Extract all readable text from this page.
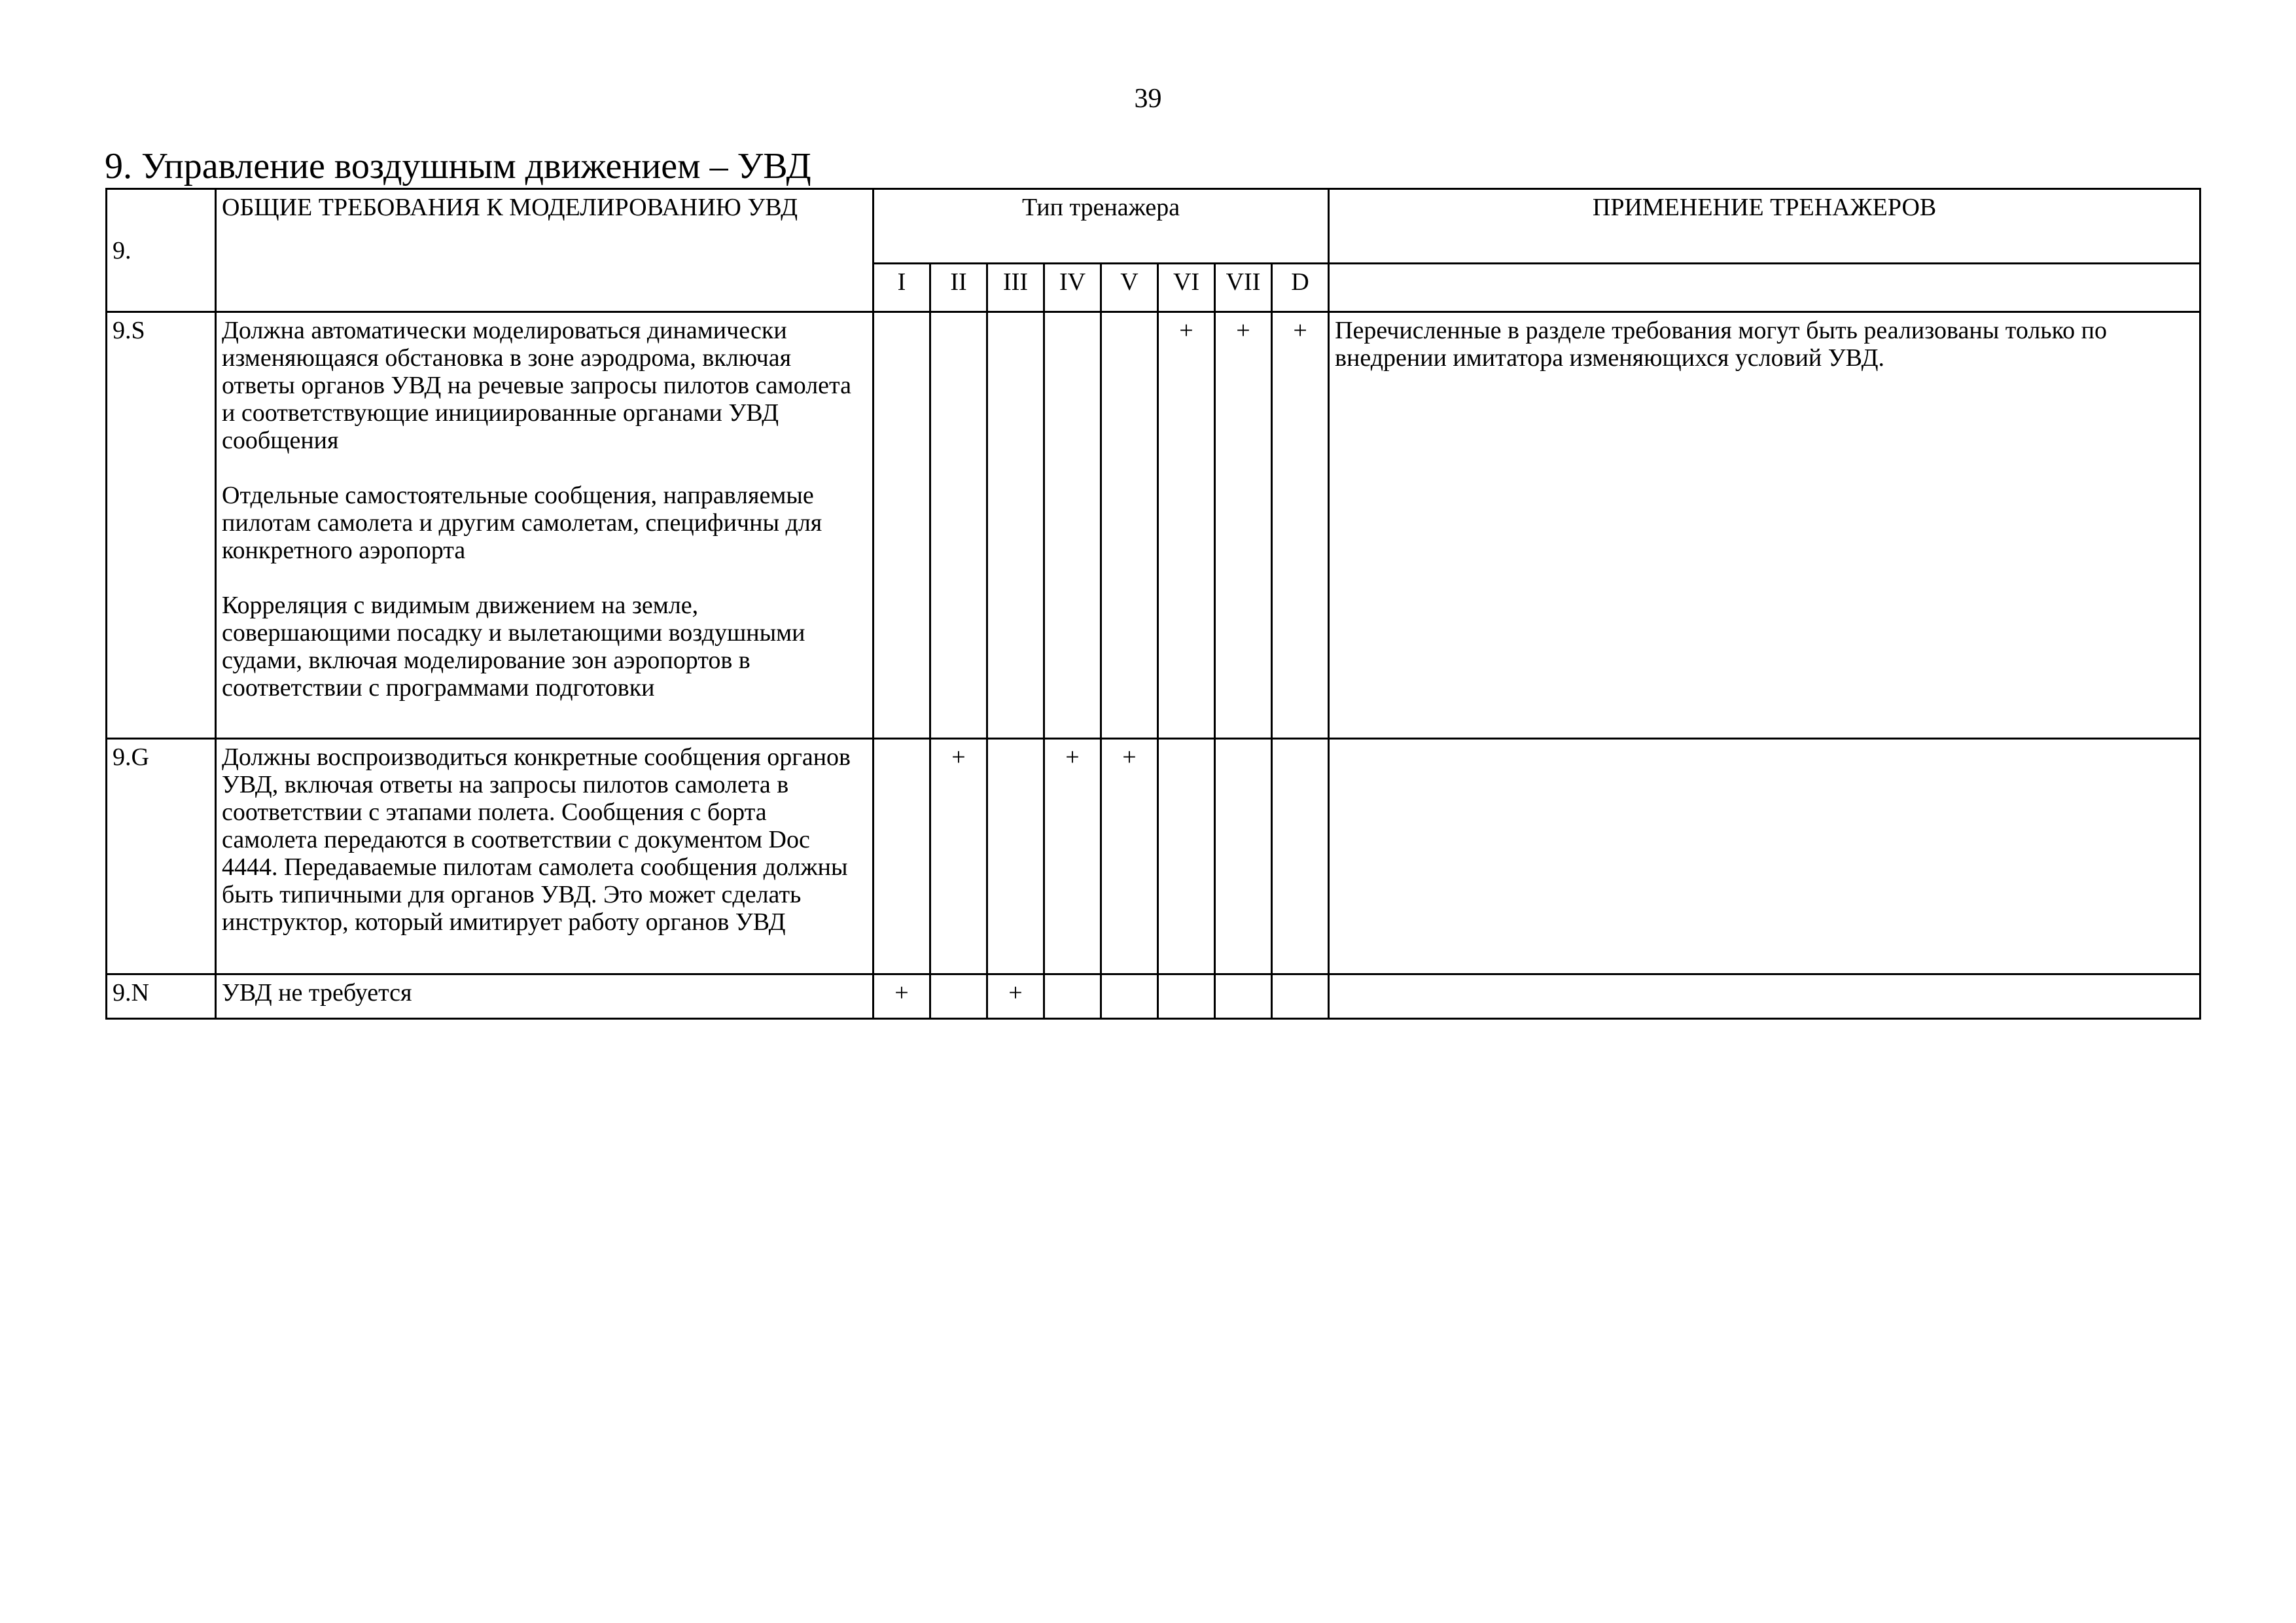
39
9. Управление воздушным движением – УВД
9.	ОБЩИЕ ТРЕБОВАНИЯ К МОДЕЛИРОВАНИЮ УВД	Тип тренажера								ПРИМЕНЕНИЕ ТРЕНАЖЕРОВ
		I	II	III	IV	V	VI	VII	D	
9.S	Должна автоматически моделироваться динамически изменяющаяся обстановка в зоне аэродрома, включая ответы органов УВД на речевые запросы пилотов самолета и соответствующие инициированные органами УВД сообщения
Отдельные самостоятельные сообщения, направляемые пилотам самолета и другим самолетам, специфичны для конкретного аэропорта
Корреляция с видимым движением на земле, совершающими посадку и вылетающими воздушными судами, включая моделирование зон аэропортов в соответствии с программами подготовки						+	+	+	Перечисленные в разделе требования могут быть реализованы только по внедрении имитатора изменяющихся условий УВД.
9.G	Должны воспроизводиться конкретные сообщения органов УВД, включая ответы на запросы пилотов самолета в соответствии с этапами полета. Сообщения с борта самолета передаются в соответствии с документом Doc 4444. Передаваемые пилотам самолета сообщения должны быть типичными для органов УВД. Это может сделать инструктор, который имитирует работу органов УВД		+		+	+				
9.N	УВД не требуется	+		+						
